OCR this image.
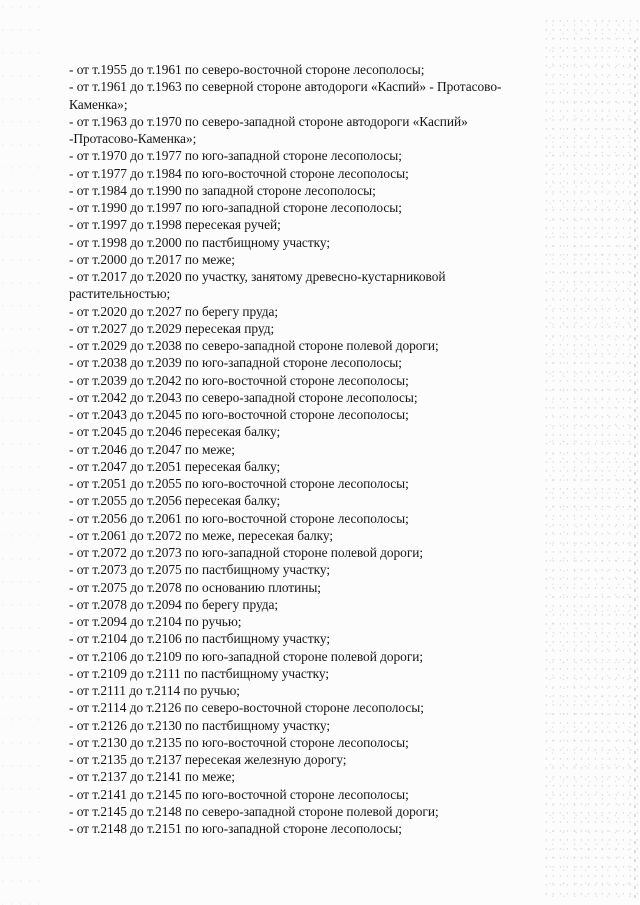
- от т.1955 до т.1961 по северо-восточной стороне лесополосы;
- от т.1961 до т.1963 по северной стороне автодороги «Каспий» - Протасово-
Каменка»;
- от т.1963 до т.1970 по северо-западной стороне автодороги «Каспий»
-Протасово-Каменка»;
- от т.1970 до т.1977 по юго-западной стороне лесополосы;
- от т.1977 до т.1984 по юго-восточной стороне лесополосы;
- от т.1984 до т.1990 по западной стороне лесополосы;
- от т.1990 до т.1997 по юго-западной стороне лесополосы;
- от т.1997 до т.1998 пересекая ручей;
- от т.1998 до т.2000 по пастбищному участку;
- от т.2000 до т.2017 по меже;
- от т.2017 до т.2020 по участку, занятому древесно-кустарниковой
растительностью;
- от т.2020 до т.2027 по берегу пруда;
- от т.2027 до т.2029 пересекая пруд;
- от т.2029 до т.2038 по северо-западной стороне полевой дороги;
- от т.2038 до т.2039 по юго-западной стороне лесополосы;
- от т.2039 до т.2042 по юго-восточной стороне лесополосы;
- от т.2042 до т.2043 по северо-западной стороне лесополосы;
- от т.2043 до т.2045 по юго-восточной стороне лесополосы;
- от т.2045 до т.2046 пересекая балку;
- от т.2046 до т.2047 по меже;
- от т.2047 до т.2051 пересекая балку;
- от т.2051 до т.2055 по юго-восточной стороне лесополосы;
- от т.2055 до т.2056 пересекая балку;
- от т.2056 до т.2061 по юго-восточной стороне лесополосы;
- от т.2061 до т.2072 по меже, пересекая балку;
- от т.2072 до т.2073 по юго-западной стороне полевой дороги;
- от т.2073 до т.2075 по пастбищному участку;
- от т.2075 до т.2078 по основанию плотины;
- от т.2078 до т.2094 по берегу пруда;
- от т.2094 до т.2104 по ручью;
- от т.2104 до т.2106 по пастбищному участку;
- от т.2106 до т.2109 по юго-западной стороне полевой дороги;
- от т.2109 до т.2111 по пастбищному участку;
- от т.2111 до т.2114 по ручью;
- от т.2114 до т.2126 по северо-восточной стороне лесополосы;
- от т.2126 до т.2130 по пастбищному участку;
- от т.2130 до т.2135 по юго-восточной стороне лесополосы;
- от т.2135 до т.2137 пересекая железную дорогу;
- от т.2137 до т.2141 по меже;
- от т.2141 до т.2145 по юго-восточной стороне лесополосы;
- от т.2145 до т.2148 по северо-западной стороне полевой дороги;
- от т.2148 до т.2151 по юго-западной стороне лесополосы;
